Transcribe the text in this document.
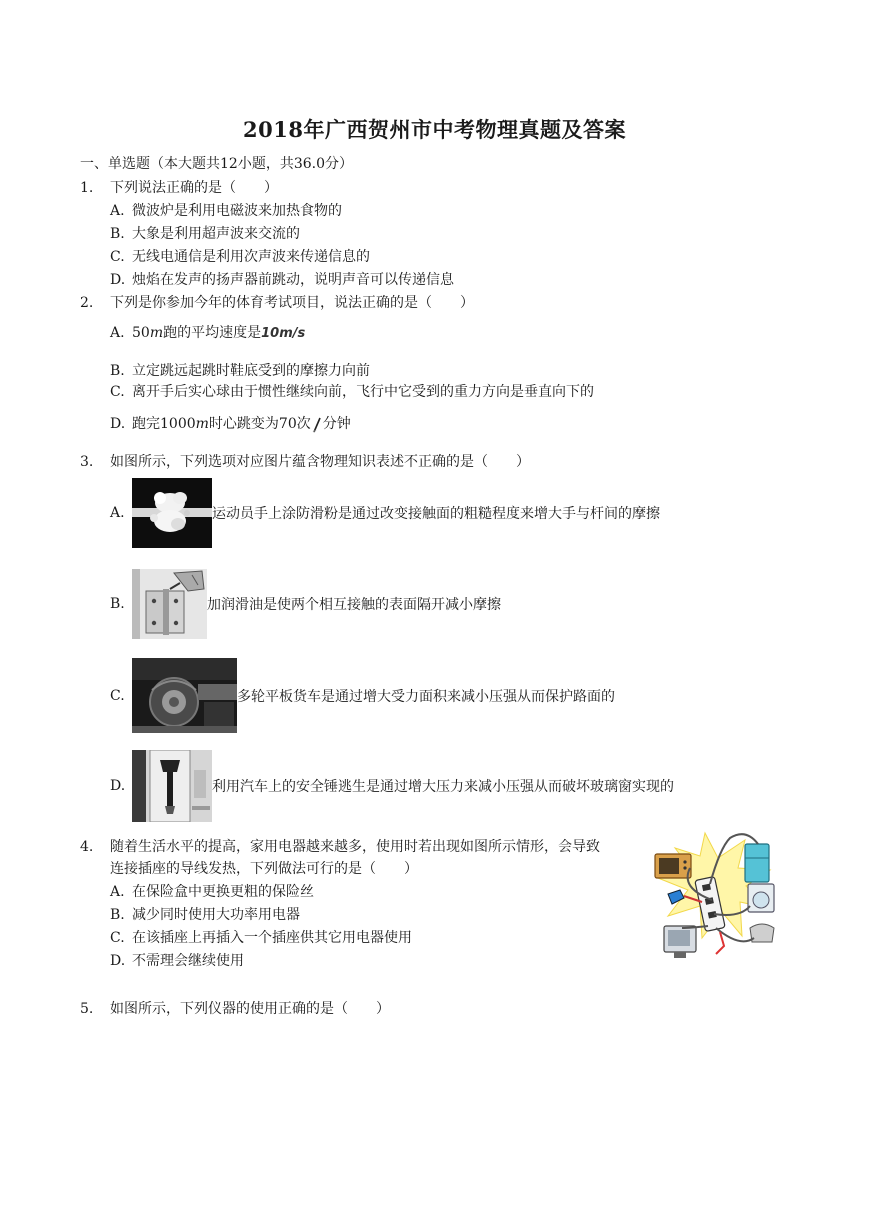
2018年广西贺州市中考物理真题及答案
一、单选题（本大题共12小题，共36.0分）
1. 下列说法正确的是（　　）
A. 微波炉是利用电磁波来加热食物的
B. 大象是利用超声波来交流的
C. 无线电通信是利用次声波来传递信息的
D. 烛焰在发声的扬声器前跳动，说明声音可以传递信息
2. 下列是你参加今年的体育考试项目，说法正确的是（　　）
A. 50m跑的平均速度是10m/s
B. 立定跳远起跳时鞋底受到的摩擦力向前
C. 离开手后实心球由于惯性继续向前，飞行中它受到的重力方向是垂直向下的
D. 跑完1000m时心跳变为70次 分钟
3. 如图所示，下列选项对应图片蕴含物理知识表述不正确的是（　　）
A.	运动员手上涂防滑粉是通过改变接触面的粗糙程度来增大手与杆间的摩擦
B.	加润滑油是使两个相互接触的表面隔开减小摩擦
C.	多轮平板货车是通过增大受力面积来减小压强从而保护路面的
D.	利用汽车上的安全锤逃生是通过增大压力来减小压强从而破坏玻璃窗实现的
4. 随着生活水平的提高，家用电器越来越多，使用时若出现如图所示情形，会导致
连接插座的导线发热，下列做法可行的是（　　）
A. 在保险盒中更换更粗的保险丝
B. 减少同时使用大功率用电器
C. 在该插座上再插入一个插座供其它用电器使用
D. 不需理会继续使用
5. 如图所示，下列仪器的使用正确的是（　　）
